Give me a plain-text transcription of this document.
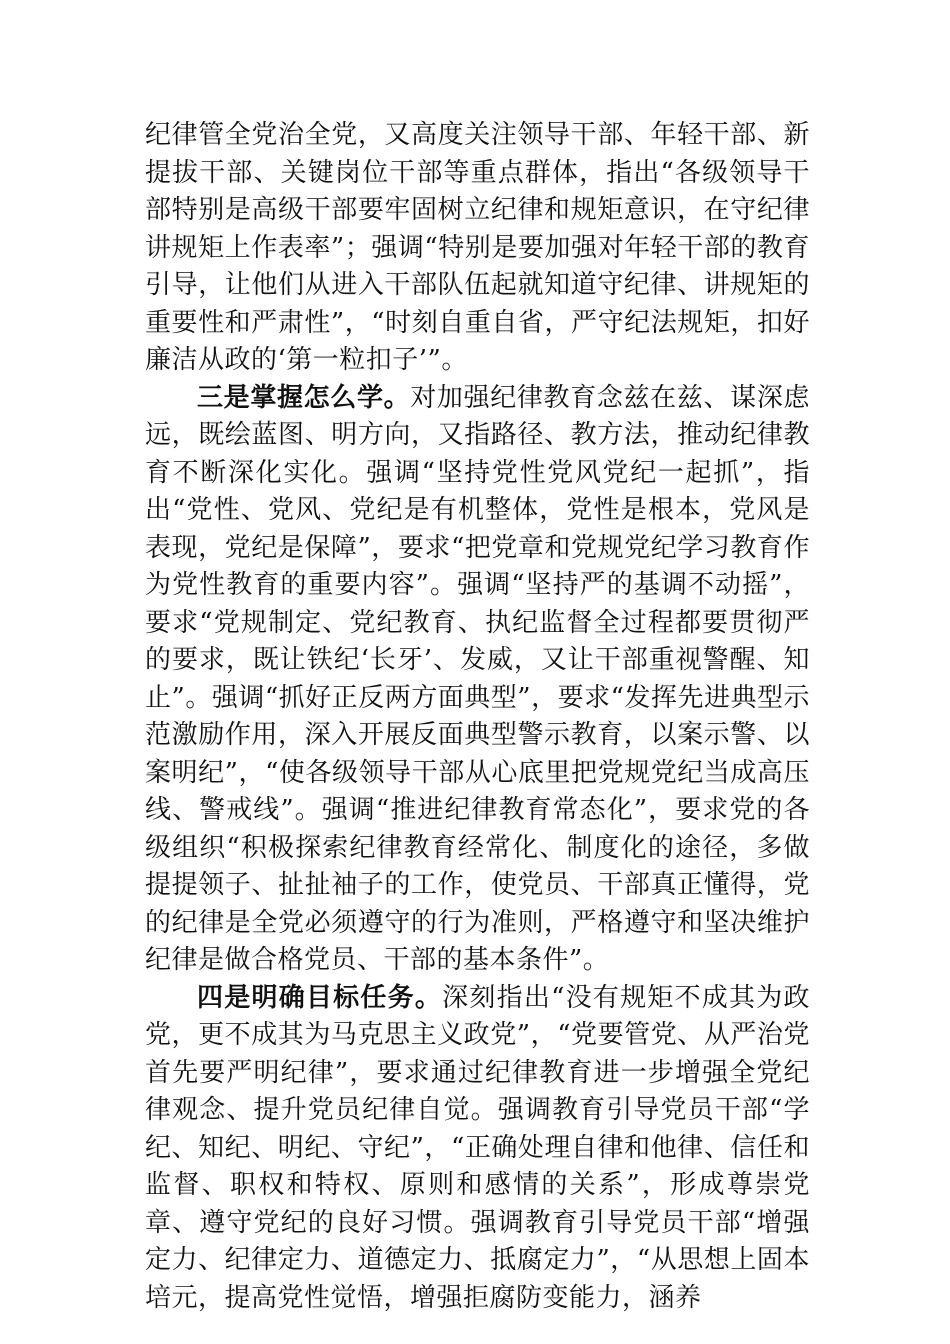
纪律管全党治全党，又高度关注领导干部、年轻干部、新提拔干部、关键岗位干部等重点群体，指出“各级领导干部特别是高级干部要牢固树立纪律和规矩意识，在守纪律讲规矩上作表率”；强调“特别是要加强对年轻干部的教育引导，让他们从进入干部队伍起就知道守纪律、讲规矩的重要性和严肃性”，“时刻自重自省，严守纪法规矩，扣好廉洁从政的‘第一粒扣子’”。

三是掌握怎么学。对加强纪律教育念兹在兹、谋深虑远，既绘蓝图、明方向，又指路径、教方法，推动纪律教育不断深化实化。强调“坚持党性党风党纪一起抓”，指出“党性、党风、党纪是有机整体，党性是根本，党风是表现，党纪是保障”，要求“把党章和党规党纪学习教育作为党性教育的重要内容”。强调“坚持严的基调不动摇”，要求“党规制定、党纪教育、执纪监督全过程都要贯彻严的要求，既让铁纪‘长牙’、发威，又让干部重视警醒、知止”。强调“抓好正反两方面典型”，要求“发挥先进典型示范激励作用，深入开展反面典型警示教育，以案示警、以案明纪”，“使各级领导干部从心底里把党规党纪当成高压线、警戒线”。强调“推进纪律教育常态化”，要求党的各级组织“积极探索纪律教育经常化、制度化的途径，多做提提领子、扯扯袖子的工作，使党员、干部真正懂得，党的纪律是全党必须遵守的行为准则，严格遵守和坚决维护纪律是做合格党员、干部的基本条件”。

四是明确目标任务。深刻指出“没有规矩不成其为政党，更不成其为马克思主义政党”，“党要管党、从严治党首先要严明纪律”，要求通过纪律教育进一步增强全党纪律观念、提升党员纪律自觉。强调教育引导党员干部“学纪、知纪、明纪、守纪”，“正确处理自律和他律、信任和监督、职权和特权、原则和感情的关系”，形成尊崇党章、遵守党纪的良好习惯。强调教育引导党员干部“增强定力、纪律定力、道德定力、抵腐定力”，“从思想上固本培元，提高党性觉悟，增强拒腐防变能力，涵养
